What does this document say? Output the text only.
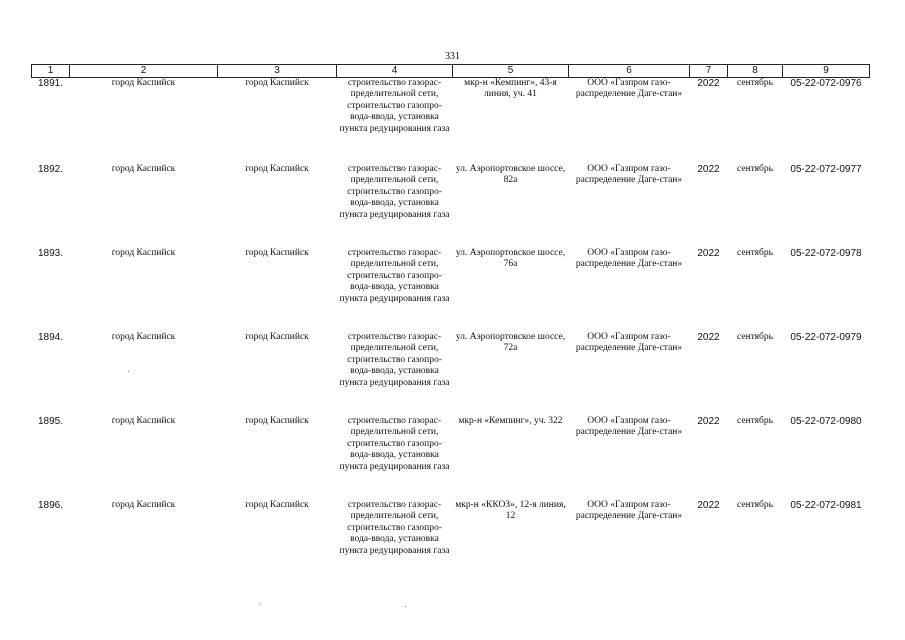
331
1	2	3	4	5	6	7	8	9
1891.	город Каспийск	город Каспийск	строительство газорас-пределительной сети, строительство газопро-вода-ввода, установка пункта редуцирования газа	мкр-н «Кемпинг», 43-я линия, уч. 41	ООО «Газпром газо-распределение Даге-стан»	2022	сентябрь	05-22-072-0976
1892.	город Каспийск	город Каспийск	строительство газорас-пределительной сети, строительство газопро-вода-ввода, установка пункта редуцирования газа	ул. Аэропортовское шоссе, 82а	ООО «Газпром газо-распределение Даге-стан»	2022	сентябрь	05-22-072-0977
1893.	город Каспийск	город Каспийск	строительство газорас-пределительной сети, строительство газопро-вода-ввода, установка пункта редуцирования газа	ул. Аэропортовское шоссе, 76а	ООО «Газпром газо-распределение Даге-стан»	2022	сентябрь	05-22-072-0978
1894.	город Каспийск	город Каспийск	строительство газорас-пределительной сети, строительство газопро-вода-ввода, установка пункта редуцирования газа	ул. Аэропортовское шоссе, 72а	ООО «Газпром газо-распределение Даге-стан»	2022	сентябрь	05-22-072-0979
1895.	город Каспийск	город Каспийск	строительство газорас-пределительной сети, строительство газопро-вода-ввода, установка пункта редуцирования газа	мкр-н «Кемпинг», уч. 322	ООО «Газпром газо-распределение Даге-стан»	2022	сентябрь	05-22-072-0980
1896.	город Каспийск	город Каспийск	строительство газорас-пределительной сети, строительство газопро-вода-ввода, установка пункта редуцирования газа	мкр-н «ККОЗ», 12-я линия, 12	ООО «Газпром газо-распределение Даге-стан»	2022	сентябрь	05-22-072-0981
